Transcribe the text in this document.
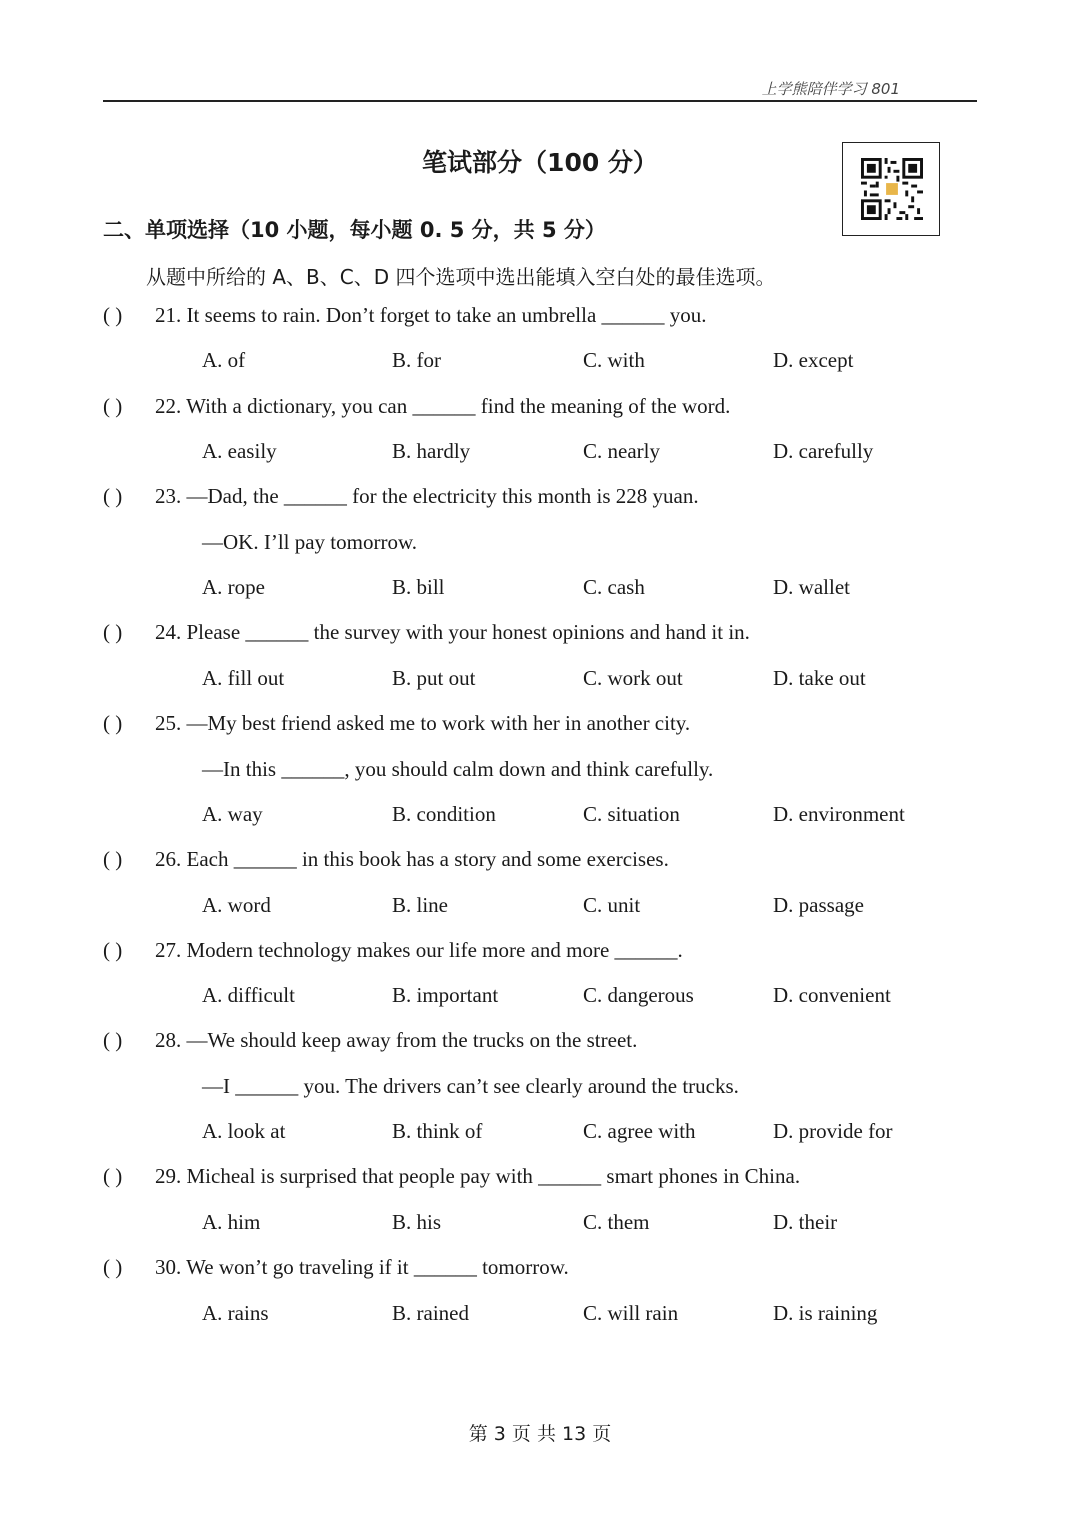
上学熊陪伴学习 801
笔试部分（100 分）
二、单项选择（10 小题，每小题 0. 5 分，共 5 分）
从题中所给的 A、B、C、D 四个选项中选出能填入空白处的最佳选项。
( ) 21. It seems to rain. Don’t forget to take an umbrella ______ you.
A. of	B. for	C. with	D. except
( ) 22. With a dictionary, you can ______ find the meaning of the word.
A. easily	B. hardly	C. nearly	D. carefully
( ) 23. —Dad, the ______ for the electricity this month is 228 yuan.
—OK. I’ll pay tomorrow.
A. rope	B. bill	C. cash	D. wallet
( ) 24. Please ______ the survey with your honest opinions and hand it in.
A. fill out	B. put out	C. work out	D. take out
( ) 25. —My best friend asked me to work with her in another city.
—In this ______, you should calm down and think carefully.
A. way	B. condition	C. situation	D. environment
( ) 26. Each ______ in this book has a story and some exercises.
A. word	B. line	C. unit	D. passage
( ) 27. Modern technology makes our life more and more ______.
A. difficult	B. important	C. dangerous	D. convenient
( ) 28. —We should keep away from the trucks on the street.
—I ______ you. The drivers can’t see clearly around the trucks.
A. look at	B. think of	C. agree with	D. provide for
( ) 29. Micheal is surprised that people pay with ______ smart phones in China.
A. him	B. his	C. them	D. their
( ) 30. We won’t go traveling if it ______ tomorrow.
A. rains	B. rained	C. will rain	D. is raining
第 3 页 共 13 页
